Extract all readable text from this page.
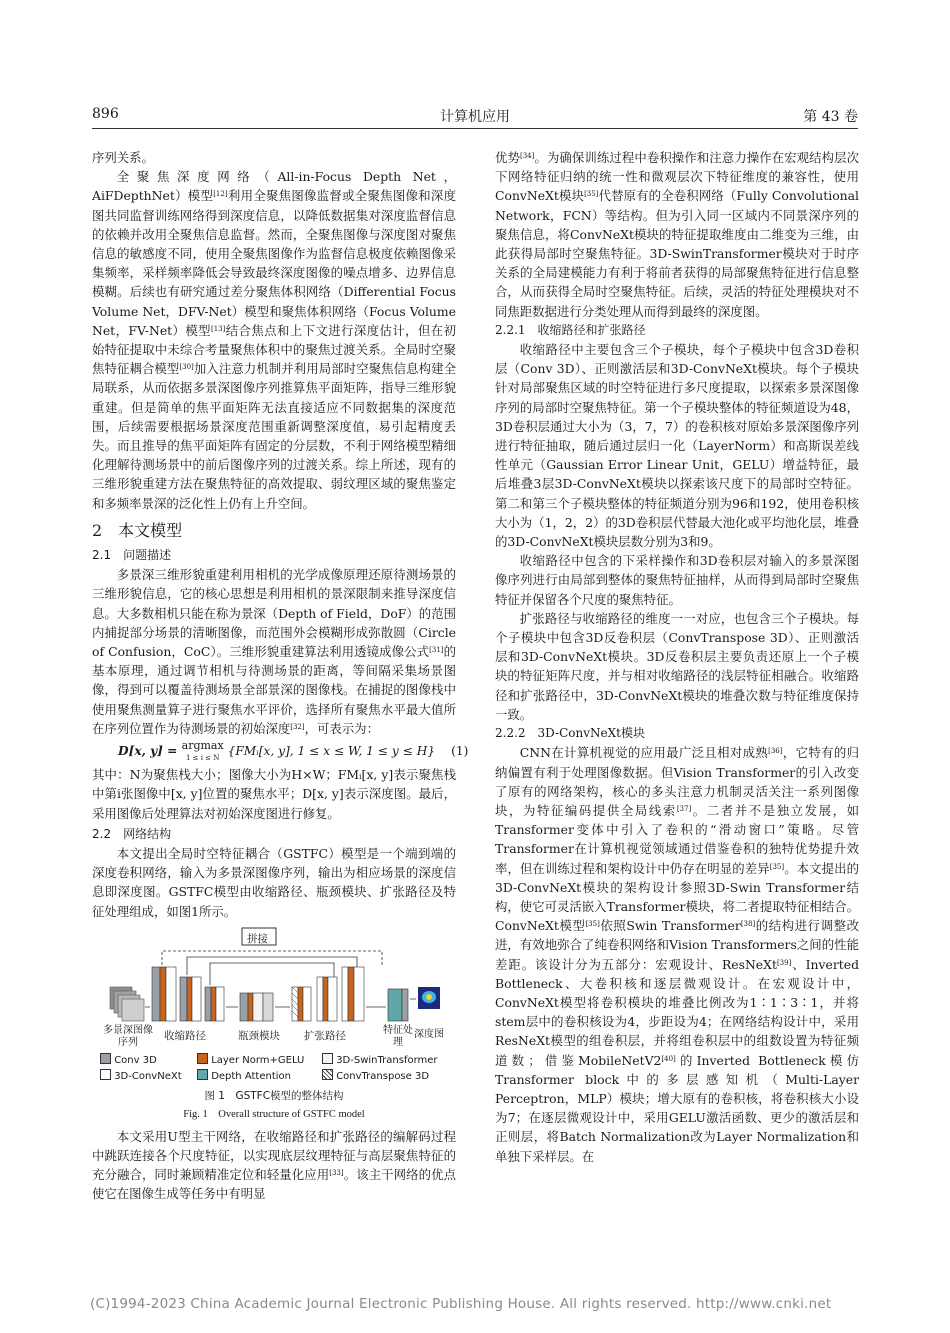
896	计算机应用	第 43 卷

序列关系。

全聚焦深度网络（All-in-Focus Depth Net，AiFDepthNet）模型[12]利用全聚焦图像监督或全聚焦图像和深度图共同监督训练网络得到深度信息，以降低数据集对深度监督信息的依赖并改用全聚焦信息监督。然而，全聚焦图像与深度图对聚焦信息的敏感度不同，使用全聚焦图像作为监督信息极度依赖图像采集频率，采样频率降低会导致最终深度图像的噪点增多、边界信息模糊。后续也有研究通过差分聚焦体积网络（Differential Focus Volume Net，DFV-Net）模型和聚焦体积网络（Focus Volume Net，FV-Net）模型[13]结合焦点和上下文进行深度估计，但在初始特征提取中未综合考量聚焦体积中的聚焦过渡关系。全局时空聚焦特征耦合模型[30]加入注意力机制并利用局部时空聚焦信息构建全局联系，从而依据多景深图像序列推算焦平面矩阵，指导三维形貌重建。但是简单的焦平面矩阵无法直接适应不同数据集的深度范围，后续需要根据场景深度范围重新调整深度值，易引起精度丢失。而且推导的焦平面矩阵有固定的分层数，不利于网络模型精细化理解待测场景中的前后图像序列的过渡关系。综上所述，现有的三维形貌重建方法在聚焦特征的高效提取、弱纹理区域的聚焦鉴定和多频率景深的泛化性上仍有上升空间。

2　本文模型
2.1　问题描述

多景深三维形貌重建利用相机的光学成像原理还原待测场景的三维形貌信息，它的核心思想是利用相机的景深限制来推导深度信息。大多数相机只能在称为景深（Depth of Field，DoF）的范围内捕捉部分场景的清晰图像，而范围外会模糊形成弥散圆（Circle of Confusion，CoC）。三维形貌重建算法利用透镜成像公式[31]的基本原理，通过调节相机与待测场景的距离，等间隔采集场景图像，得到可以覆盖待测场景全部景深的图像栈。在捕捉的图像栈中使用聚焦测量算子进行聚焦水平评价，选择所有聚焦水平最大值所在序列位置作为待测场景的初始深度[32]，可表示为：

D[x, y] = argmax
1 ≤ i ≤ N {FMᵢ[x, y], 1 ≤ x ≤ W, 1 ≤ y ≤ H} (1)

其中：N为聚焦栈大小；图像大小为H×W；FMᵢ[x, y]表示聚焦栈中第i张图像中[x, y]位置的聚焦水平；D[x, y]表示深度图。最后，采用图像后处理算法对初始深度图进行修复。

2.2　网络结构

本文提出全局时空特征耦合（GSTFC）模型是一个端到端的深度卷积网络，输入为多景深图像序列，输出为相应场景的深度信息即深度图。GSTFC模型由收缩路径、瓶颈模块、扩张路径及特征处理组成，如图1所示。

拼接
多景深图像序列
收缩路径	瓶颈模块 扩张路径	特征处理
深度图
Conv 3D	Layer Norm+GELU	3D-SwinTransformer
3D-ConvNeXt	Depth Attention	ConvTranspose 3D
图 1　GSTFC模型的整体结构
Fig. 1　Overall structure of GSTFC model

本文采用U型主干网络，在收缩路径和扩张路径的编解码过程中跳跃连接各个尺度特征，以实现底层纹理特征与高层聚焦特征的充分融合，同时兼顾精准定位和轻量化应用[33]。该主干网络的优点使它在图像生成等任务中有明显

优势[34]。为确保训练过程中卷积操作和注意力操作在宏观结构层次下网络特征归纳的统一性和微观层次下特征维度的兼容性，使用ConvNeXt模块[35]代替原有的全卷积网络（Fully Convolutional Network，FCN）等结构。但为引入同一区域内不同景深序列的聚焦信息，将ConvNeXt模块的特征提取维度由二维变为三维，由此获得局部时空聚焦特征。3D-SwinTransformer模块对于时序关系的全局建模能力有利于将前者获得的局部聚焦特征进行信息整合，从而获得全局时空聚焦特征。后续，灵活的特征处理模块对不同焦距数据进行分类处理从而得到最终的深度图。

2.2.1　收缩路径和扩张路径

收缩路径中主要包含三个子模块，每个子模块中包含3D卷积层（Conv 3D）、正则激活层和3D-ConvNeXt模块。每个子模块针对局部聚焦区域的时空特征进行多尺度提取，以探索多景深图像序列的局部时空聚焦特征。第一个子模块整体的特征频道设为48，3D卷积层通过大小为（3，7，7）的卷积核对原始多景深图像序列进行特征抽取，随后通过层归一化（LayerNorm）和高斯误差线性单元（Gaussian Error Linear Unit，GELU）增益特征，最后堆叠3层3D-ConvNeXt模块以探索该尺度下的局部时空特征。第二和第三个子模块整体的特征频道分别为96和192，使用卷积核大小为（1，2，2）的3D卷积层代替最大池化或平均池化层，堆叠的3D-ConvNeXt模块层数分别为3和9。

收缩路径中包含的下采样操作和3D卷积层对输入的多景深图像序列进行由局部到整体的聚焦特征抽样，从而得到局部时空聚焦特征并保留各个尺度的聚焦特征。

扩张路径与收缩路径的维度一一对应，也包含三个子模块。每个子模块中包含3D反卷积层（ConvTranspose 3D）、正则激活层和3D-ConvNeXt模块。3D反卷积层主要负责还原上一个子模块的特征矩阵尺度，并与相对收缩路径的浅层特征相融合。收缩路径和扩张路径中，3D-ConvNeXt模块的堆叠次数与特征维度保持一致。

2.2.2　3D-ConvNeXt模块

CNN在计算机视觉的应用最广泛且相对成熟[36]，它特有的归纳偏置有利于处理图像数据。但Vision Transformer的引入改变了原有的网络架构，核心的多头注意力机制灵活关注一系列图像块，为特征编码提供全局线索[37]。二者并不是独立发展，如Transformer变体中引入了卷积的“滑动窗口”策略。尽管Transformer在计算机视觉领域通过借鉴卷积的独特优势提升效率，但在训练过程和架构设计中仍存在明显的差异[35]。本文提出的3D-ConvNeXt模块的架构设计参照3D-Swin Transformer结构，使它可灵活嵌入Transformer模块，将二者提取特征相结合。ConvNeXt模型[35]依照Swin Transformer[38]的结构进行调整改进，有效地弥合了纯卷积网络和Vision Transformers之间的性能差距。该设计分为五部分：宏观设计、ResNeXt[39]、Inverted Bottleneck、大卷积核和逐层微观设计。在宏观设计中，ConvNeXt模型将卷积模块的堆叠比例改为1∶1∶3∶1，并将stem层中的卷积核设为4，步距设为4；在网络结构设计中，采用ResNeXt模型的组卷积层，并将组卷积层中的组数设置为特征频道数；借鉴MobileNetV2[40]的Inverted Bottleneck模仿Transformer block中的多层感知机（Multi-Layer Perceptron，MLP）模块；增大原有的卷积核，将卷积核大小设为7；在逐层微观设计中，采用GELU激活函数、更少的激活层和正则层，将Batch Normalization改为Layer Normalization和单独下采样层。在

(C)1994-2023 China Academic Journal Electronic Publishing House. All rights reserved. http://www.cnki.net
